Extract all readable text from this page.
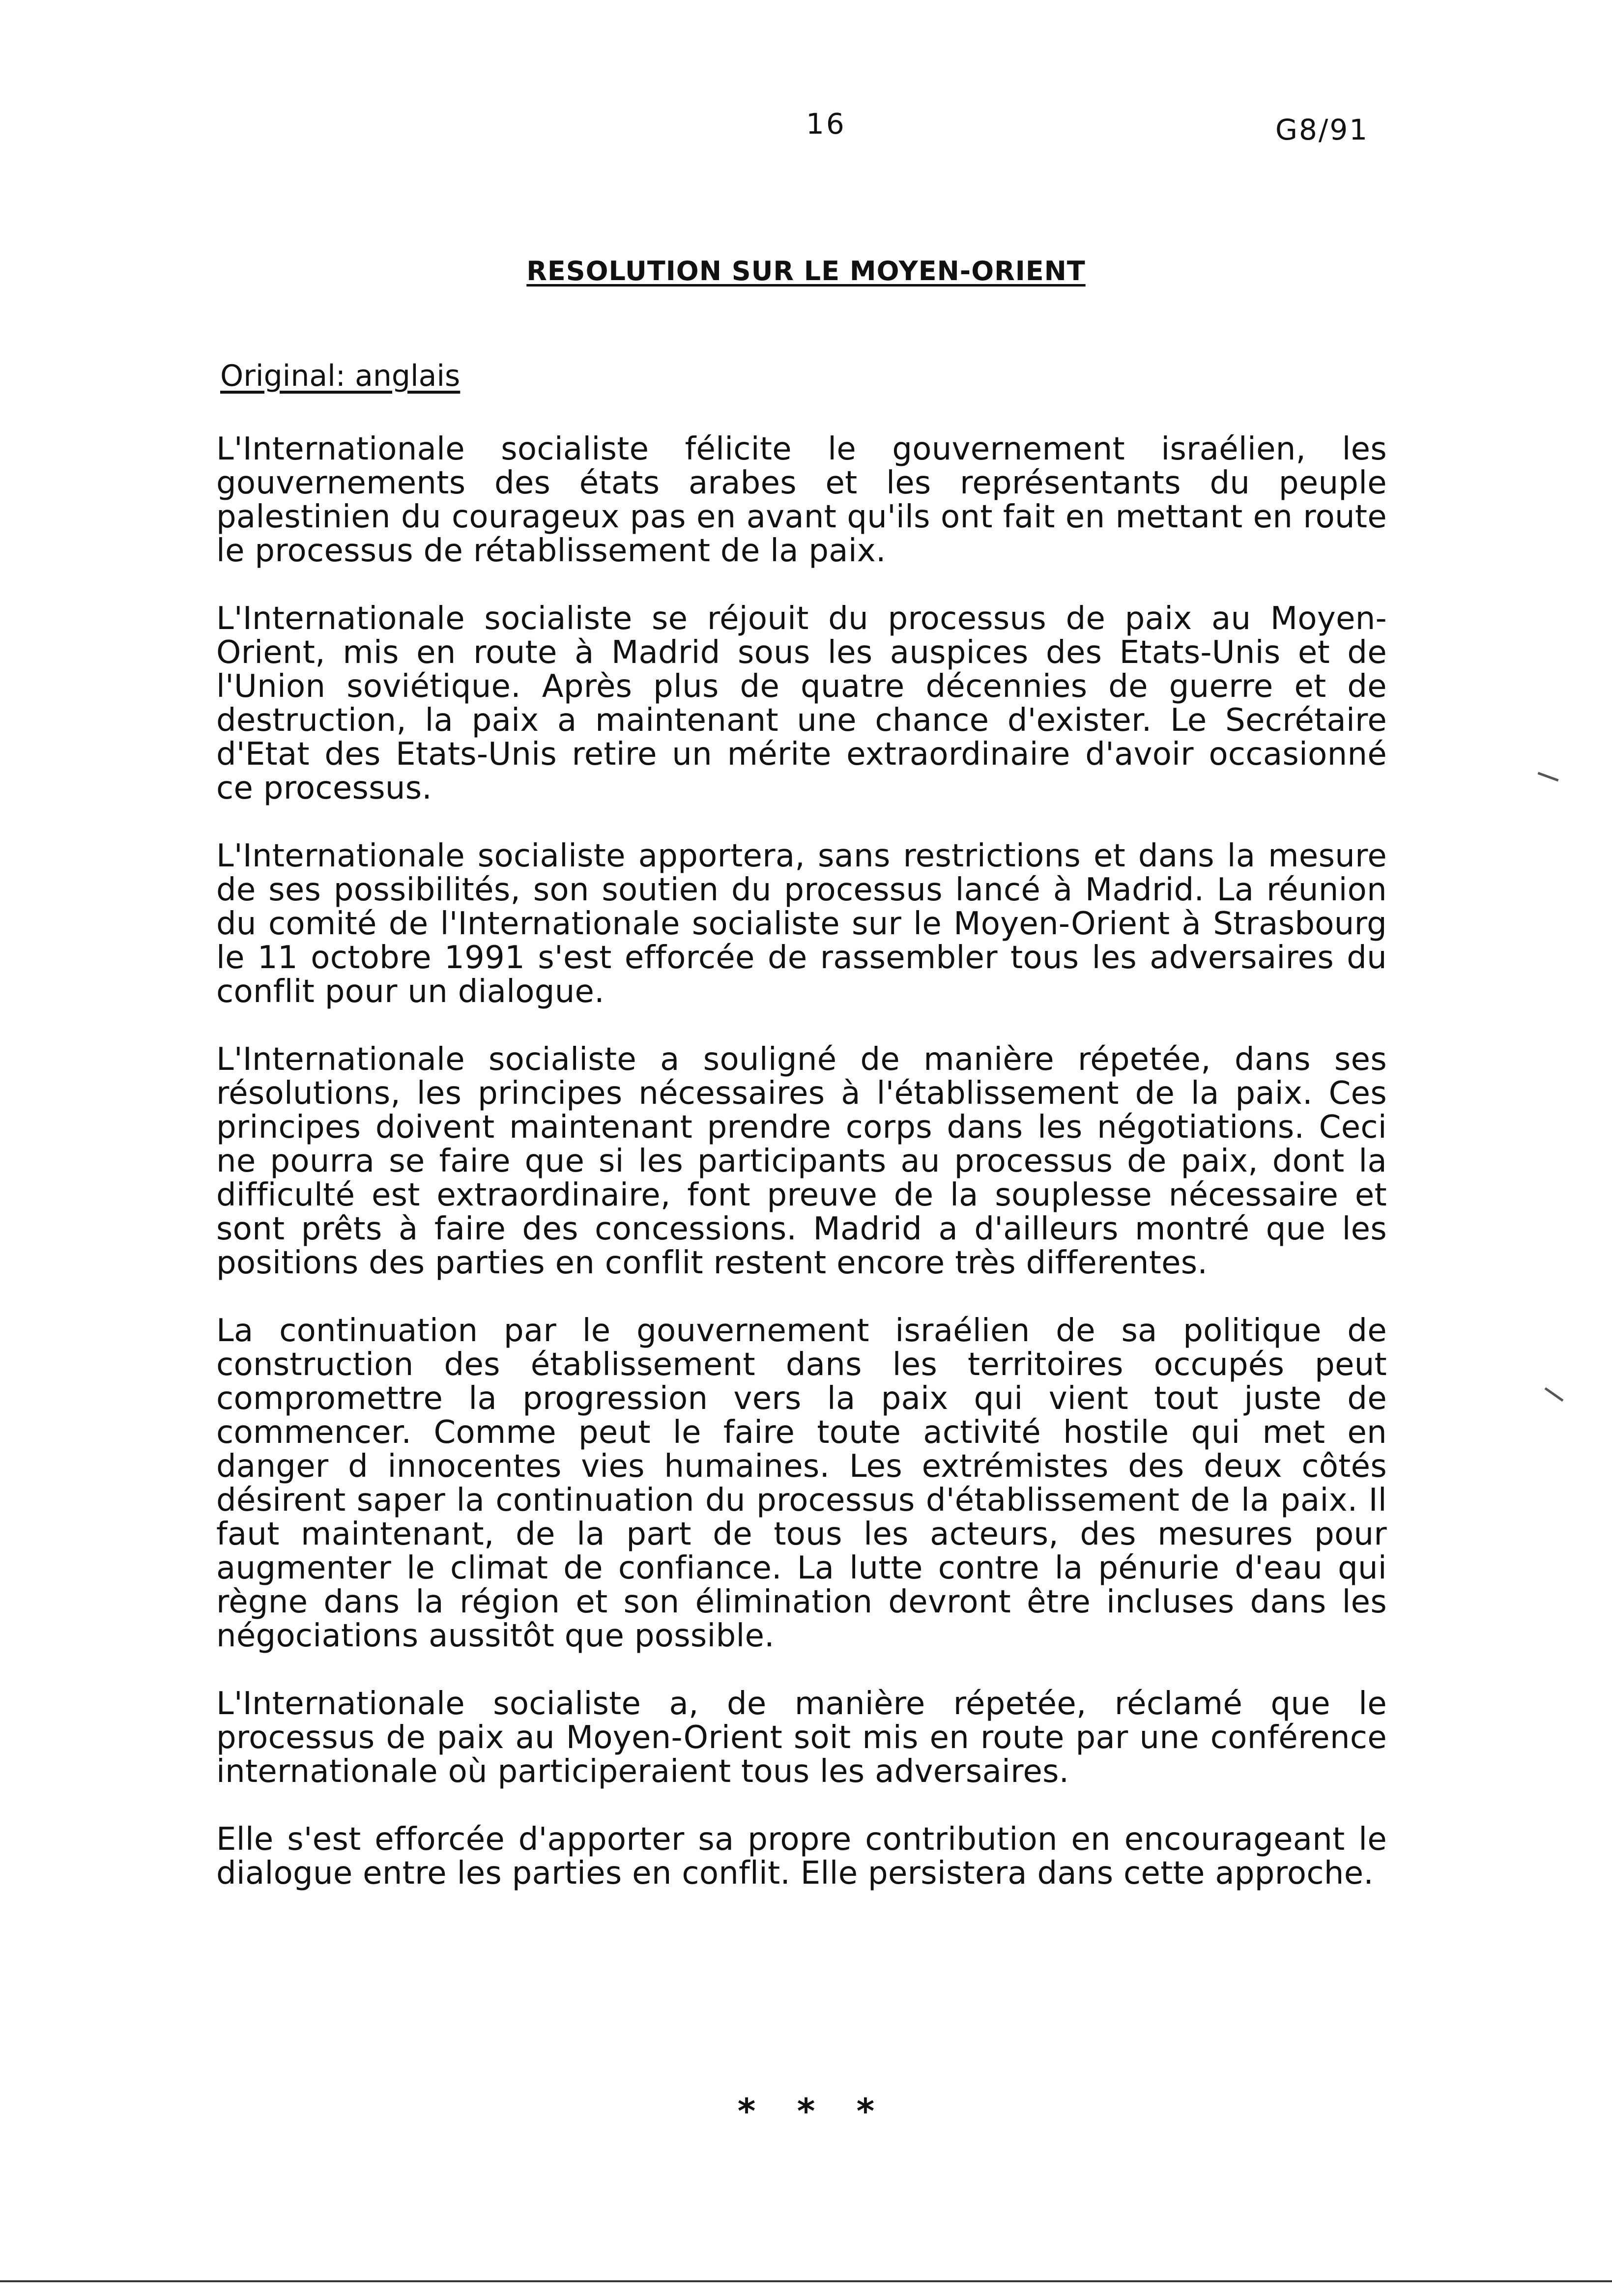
16	G8/91
RESOLUTION SUR LE MOYEN-ORIENT
Original: anglais

L'Internationale socialiste félicite le gouvernement israélien, les gouvernements des états arabes et les représentants du peuple palestinien du courageux pas en avant qu'ils ont fait en mettant en route le processus de rétablissement de la paix.

L'Internationale socialiste se réjouit du processus de paix au Moyen-Orient, mis en route à Madrid sous les auspices des Etats-Unis et de l'Union soviétique. Après plus de quatre décennies de guerre et de destruction, la paix a maintenant une chance d'exister. Le Secrétaire d'Etat des Etats-Unis retire un mérite extraordinaire d'avoir occasionné ce processus.

L'Internationale socialiste apportera, sans restrictions et dans la mesure de ses possibilités, son soutien du processus lancé à Madrid. La réunion du comité de l'Internationale socialiste sur le Moyen-Orient à Strasbourg le 11 octobre 1991 s'est efforcée de rassembler tous les adversaires du conflit pour un dialogue.

L'Internationale socialiste a souligné de manière répetée, dans ses résolutions, les principes nécessaires à l'établissement de la paix. Ces principes doivent maintenant prendre corps dans les négotiations. Ceci ne pourra se faire que si les participants au processus de paix, dont la difficulté est extraordinaire, font preuve de la souplesse nécessaire et sont prêts à faire des concessions. Madrid a d'ailleurs montré que les positions des parties en conflit restent encore très differentes.

La continuation par le gouvernement israélien de sa politique de construction des établissement dans les territoires occupés peut compromettre la progression vers la paix qui vient tout juste de commencer. Comme peut le faire toute activité hostile qui met en danger d innocentes vies humaines. Les extrémistes des deux côtés désirent saper la continuation du processus d'établissement de la paix. Il faut maintenant, de la part de tous les acteurs, des mesures pour augmenter le climat de confiance. La lutte contre la pénurie d'eau qui règne dans la région et son élimination devront être incluses dans les négociations aussitôt que possible.

L'Internationale socialiste a, de manière répetée, réclamé que le processus de paix au Moyen-Orient soit mis en route par une conférence internationale où participeraient tous les adversaires.

Elle s'est efforcée d'apporter sa propre contribution en encourageant le dialogue entre les parties en conflit. Elle persistera dans cette approche.

* * *
